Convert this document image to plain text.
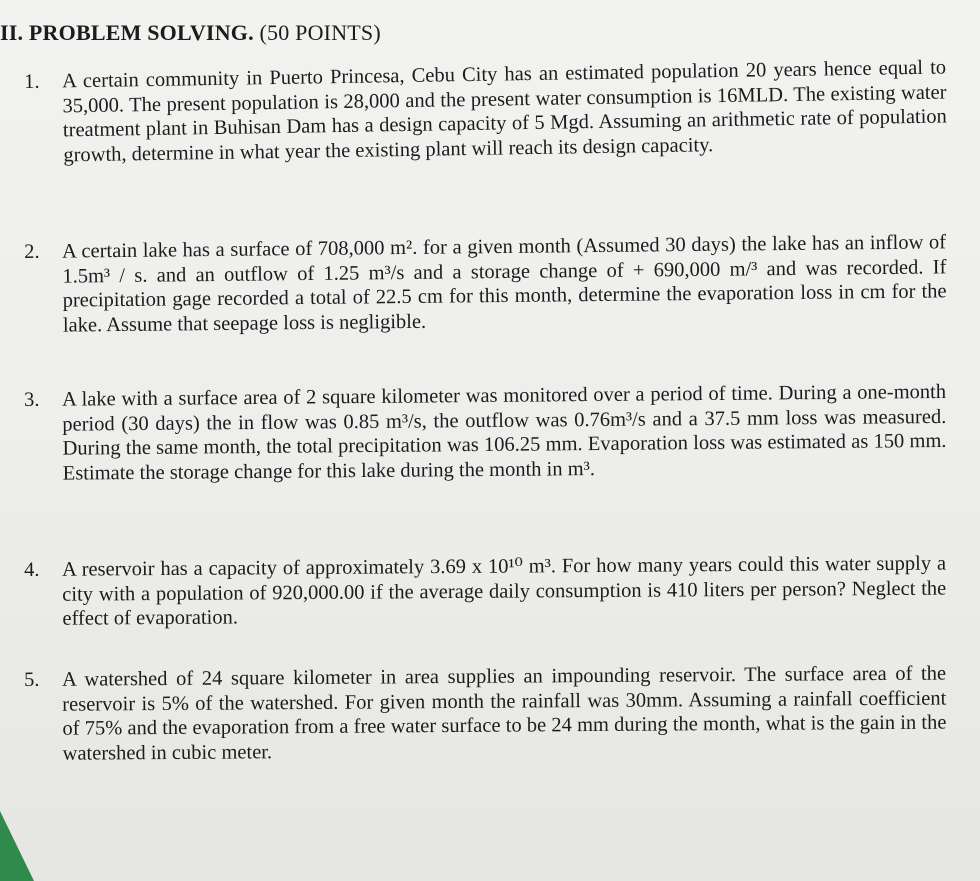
II. PROBLEM SOLVING. (50 POINTS)
1. A certain community in Puerto Princesa, Cebu City has an estimated population 20 years hence equal to 35,000. The present population is 28,000 and the present water consumption is 16MLD. The existing water treatment plant in Buhisan Dam has a design capacity of 5 Mgd. Assuming an arithmetic rate of population growth, determine in what year the existing plant will reach its design capacity.
2. A certain lake has a surface of 708,000 m². for a given month (Assumed 30 days) the lake has an inflow of 1.5m³ / s. and an outflow of 1.25 m³/s and a storage change of + 690,000 m/³ and was recorded. If precipitation gage recorded a total of 22.5 cm for this month, determine the evaporation loss in cm for the lake. Assume that seepage loss is negligible.
3. A lake with a surface area of 2 square kilometer was monitored over a period of time. During a one-month period (30 days) the in flow was 0.85 m³/s, the outflow was 0.76m³/s and a 37.5 mm loss was measured. During the same month, the total precipitation was 106.25 mm. Evaporation loss was estimated as 150 mm. Estimate the storage change for this lake during the month in m³.
4. A reservoir has a capacity of approximately 3.69 x 10¹⁰ m³. For how many years could this water supply a city with a population of 920,000.00 if the average daily consumption is 410 liters per person? Neglect the effect of evaporation.
5. A watershed of 24 square kilometer in area supplies an impounding reservoir. The surface area of the reservoir is 5% of the watershed. For given month the rainfall was 30mm. Assuming a rainfall coefficient of 75% and the evaporation from a free water surface to be 24 mm during the month, what is the gain in the watershed in cubic meter.
